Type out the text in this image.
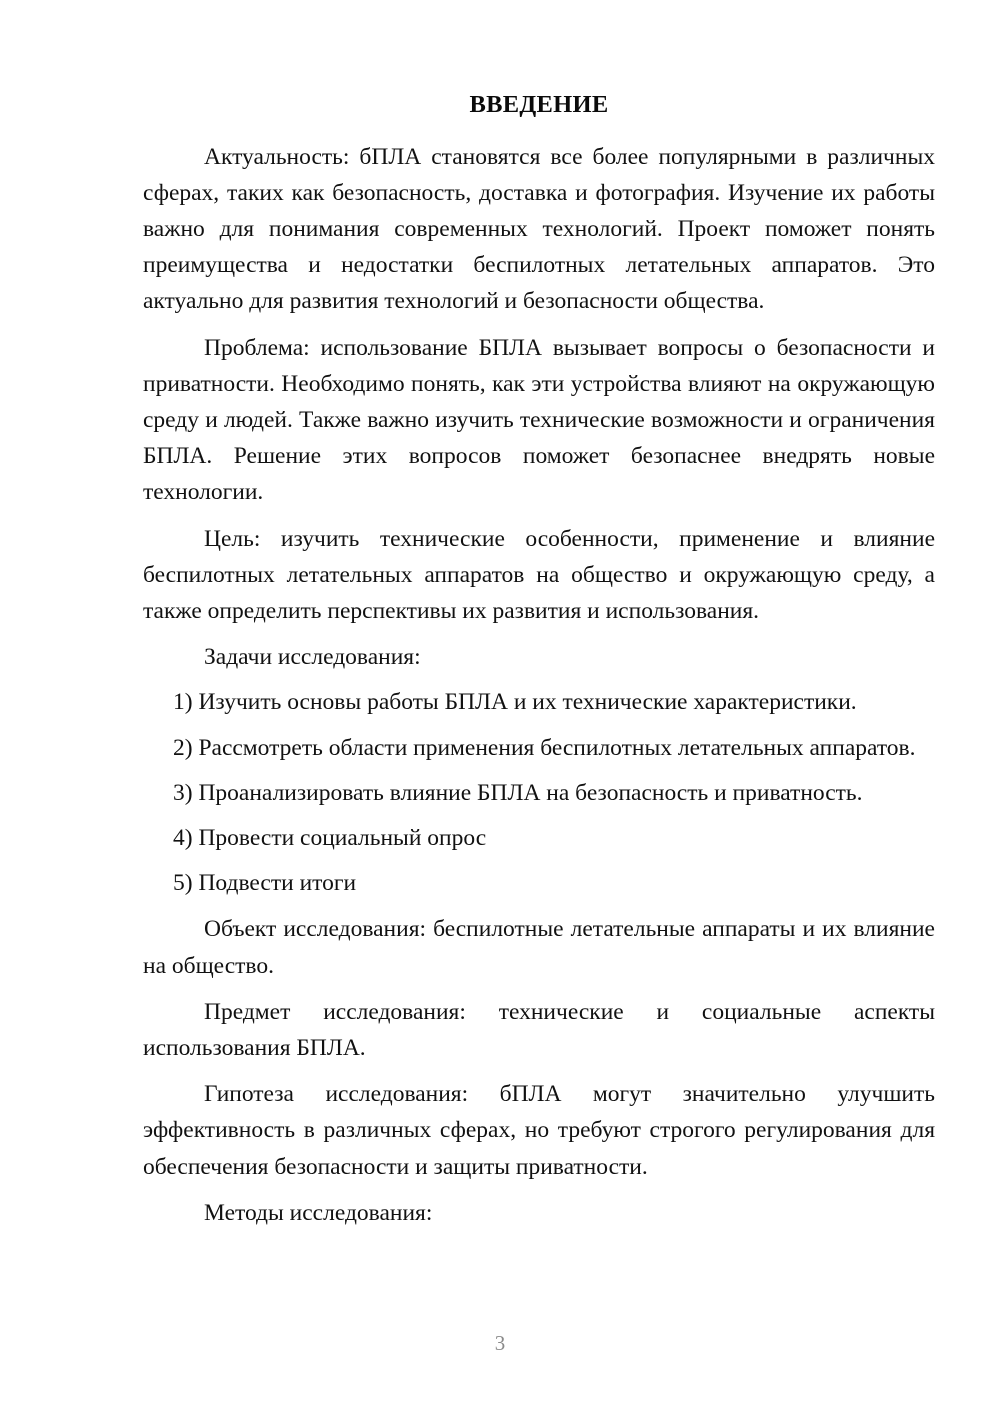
ВВЕДЕНИЕ

Актуальность: бПЛА становятся все более популярными в различных сферах, таких как безопасность, доставка и фотография. Изучение их работы важно для понимания современных технологий. Проект поможет понять преимущества и недостатки беспилотных летательных аппаратов. Это актуально для развития технологий и безопасности общества.

Проблема: использование БПЛА вызывает вопросы о безопасности и приватности. Необходимо понять, как эти устройства влияют на окружающую среду и людей. Также важно изучить технические возможности и ограничения БПЛА. Решение этих вопросов поможет безопаснее внедрять новые технологии.

Цель: изучить технические особенности, применение и влияние беспилотных летательных аппаратов на общество и окружающую среду, а также определить перспективы их развития и использования.

Задачи исследования:

1) Изучить основы работы БПЛА и их технические характеристики.

2) Рассмотреть области применения беспилотных летательных аппаратов.

3) Проанализировать влияние БПЛА на безопасность и приватность.

4) Провести социальный опрос

5) Подвести итоги

Объект исследования: беспилотные летательные аппараты и их влияние на общество.

Предмет исследования: технические и социальные аспекты использования БПЛА.

Гипотеза исследования: бПЛА могут значительно улучшить эффективность в различных сферах, но требуют строгого регулирования для обеспечения безопасности и защиты приватности.

Методы исследования:

3
